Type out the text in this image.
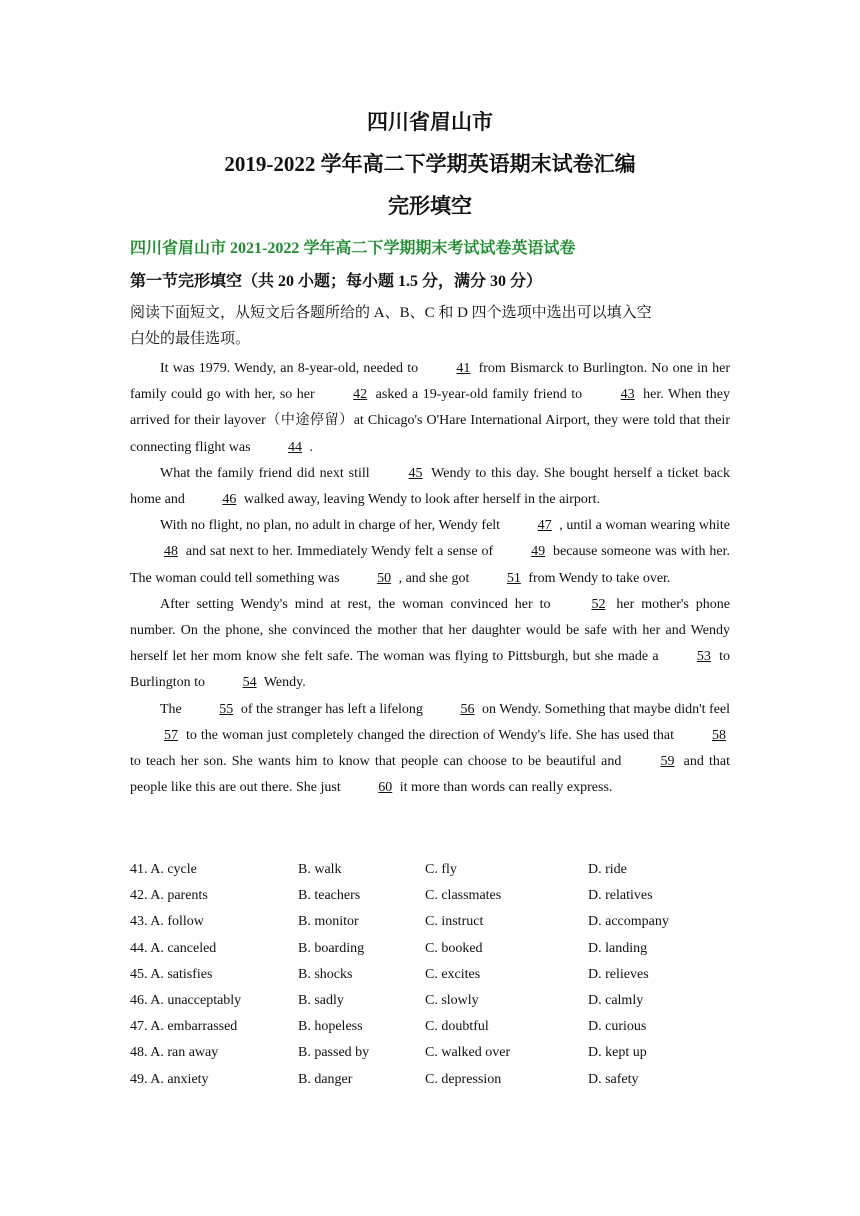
四川省眉山市
2019-2022 学年高二下学期英语期末试卷汇编
完形填空
四川省眉山市 2021-2022 学年高二下学期期末考试试卷英语试卷
第一节完形填空（共 20 小题；每小题 1.5 分，满分 30 分）
阅读下面短文，从短文后各题所给的 A、B、C 和 D 四个选项中选出可以填入空
白处的最佳选项。

It was 1979. Wendy, an 8-year-old, needed to	41 from Bismarck to Burlington. No one in her family could go with her, so her	42 asked a 19-year-old family friend to	43 her. When they arrived for their layover（中途停留）at Chicago's O'Hare International Airport, they were told that their connecting flight was	44 .

What the family friend did next still	45 Wendy to this day. She bought herself a ticket back home and	46 walked away, leaving Wendy to look after herself in the airport.

With no flight, no plan, no adult in charge of her, Wendy felt	47 , until a woman wearing white 48 and sat next to her. Immediately Wendy felt a sense of	49 because someone was with her. The woman could tell something was	50 , and she got	51 from Wendy to take over.

After setting Wendy's mind at rest, the woman convinced her to	52 her mother's phone number. On the phone, she convinced the mother that her daughter would be safe with her and Wendy herself let her mom know she felt safe. The woman was flying to Pittsburgh, but she made a	53 to Burlington to	54 Wendy.

The	55 of the stranger has left a lifelong	56 on Wendy. Something that maybe didn't feel 57 to the woman just completely changed the direction of Wendy's life. She has used that	58 to teach her son. She wants him to know that people can choose to be beautiful and	59 and that people like this are out there. She just	60 it more than words can really express.

41. A. cycle	B. walk	C. fly	D. ride
42. A. parents	B. teachers	C. classmates	D. relatives
43. A. follow	B. monitor	C. instruct	D. accompany
44. A. canceled	B. boarding	C. booked	D. landing
45. A. satisfies	B. shocks	C. excites	D. relieves
46. A. unacceptably	B. sadly	C. slowly	D. calmly
47. A. embarrassed	B. hopeless	C. doubtful	D. curious
48. A. ran away	B. passed by	C. walked over	D. kept up
49. A. anxiety	B. danger	C. depression	D. safety
